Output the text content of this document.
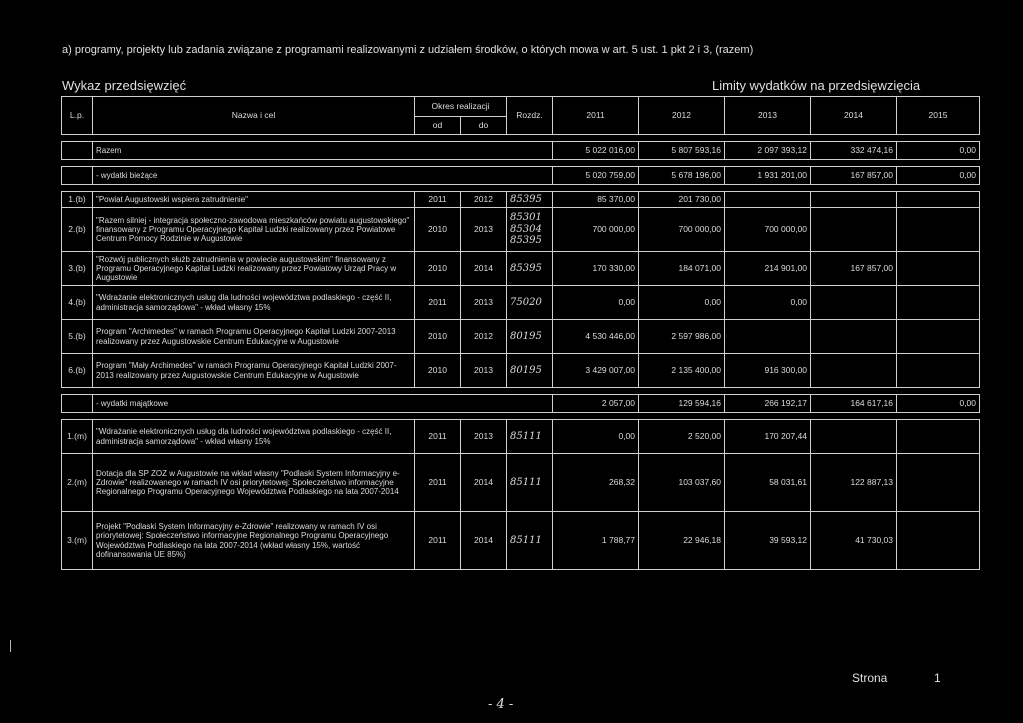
a) programy, projekty lub zadania związane z programami realizowanymi z udziałem środków, o których mowa w art. 5 ust. 1 pkt 2 i 3, (razem)
Wykaz przedsięwzięć	Limity wydatków na przedsięwzięcia
L.p.	Nazwa i cel	Okres realizacji		Rozdz.	2011	2012	2013	2014	2015
		od	do						

	Razem				5 022 016,00	5 807 593,16	2 097 393,12	332 474,16	0,00

	- wydatki bieżące				5 020 759,00	5 678 196,00	1 931 201,00	167 857,00	0,00

1.(b)	"Powiat Augustowski wspiera zatrudnienie"	2011	2012	85395	85 370,00	201 730,00			
2.(b)	"Razem silniej - integracja społeczno-zawodowa mieszkańców powiatu augustowskiego" finansowany z Programu Operacyjnego Kapitał Ludzki realizowany przez Powiatowe Centrum Pomocy Rodzinie w Augustowie	2010	2013	85301 85304 85395	700 000,00	700 000,00	700 000,00		
3.(b)	"Rozwój publicznych służb zatrudnienia w powiecie augustowskim" finansowany z Programu Operacyjnego Kapitał Ludzki realizowany przez Powiatowy Urząd Pracy w Augustowie	2010	2014	85395	170 330,00	184 071,00	214 901,00	167 857,00	
4.(b)	"Wdrażanie elektronicznych usług dla ludności województwa podlaskiego - część II, administracja samorządowa" - wkład własny 15%	2011	2013	75020	0,00	0,00	0,00		
5.(b)	Program "Archimedes" w ramach Programu Operacyjnego Kapitał Ludzki 2007-2013 realizowany przez Augustowskie Centrum Edukacyjne w Augustowie	2010	2012	80195	4 530 446,00	2 597 986,00			
6.(b)	Program "Mały Archimedes" w ramach Programu Operacyjnego Kapitał Ludzki 2007-2013 realizowany przez Augustowskie Centrum Edukacyjne w Augustowie	2010	2013	80195	3 429 007,00	2 135 400,00	916 300,00		

	- wydatki majątkowe				2 057,00	129 594,16	266 192,17	164 617,16	0,00

1.(m)	"Wdrażanie elektronicznych usług dla ludności województwa podlaskiego - część II, administracja samorządowa" - wkład własny 15%	2011	2013	85111	0,00	2 520,00	170 207,44		
2.(m)	Dotacja dla SP ZOZ w Augustowie na wkład własny "Podlaski System Informacyjny e-Zdrowie" realizowanego w ramach IV osi priorytetowej: Społeczeństwo informacyjne Regionalnego Programu Operacyjnego Województwa Podlaskiego na lata 2007-2014	2011	2014	85111	268,32	103 037,60	58 031,61	122 887,13	
3.(m)	Projekt "Podlaski System Informacyjny e-Zdrowie" realizowany w ramach IV osi priorytetowej: Społeczeństwo informacyjne Regionalnego Programu Operacyjnego Województwa Podlaskiego na lata 2007-2014 (wkład własny 15%, wartość dofinansowania UE 85%)	2011	2014	85111	1 788,77	22 946,18	39 593,12	41 730,03	
Strona	1
- 4 -
